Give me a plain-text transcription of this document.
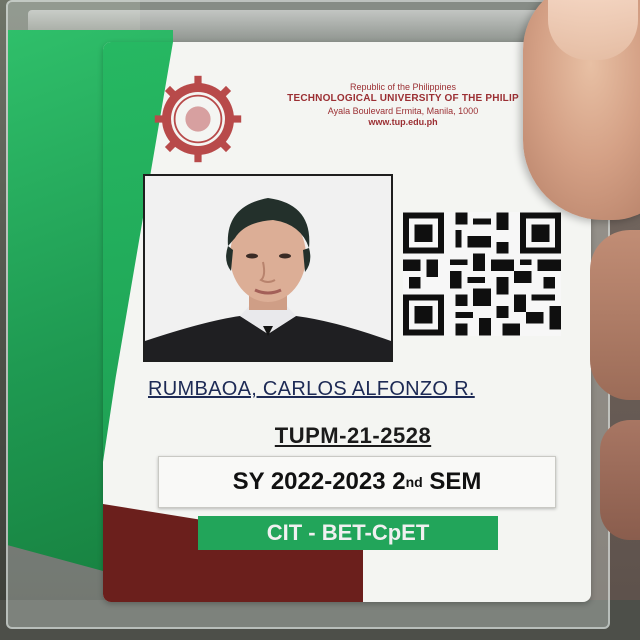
Republic of the Philippines
TECHNOLOGICAL UNIVERSITY OF THE PHILIP
Ayala Boulevard Ermita, Manila, 1000
www.tup.edu.ph
RUMBAOA, CARLOS ALFONZO R.
TUPM-21-2528
SY 2022-2023 2 nd SEM
CIT - BET-CpET
